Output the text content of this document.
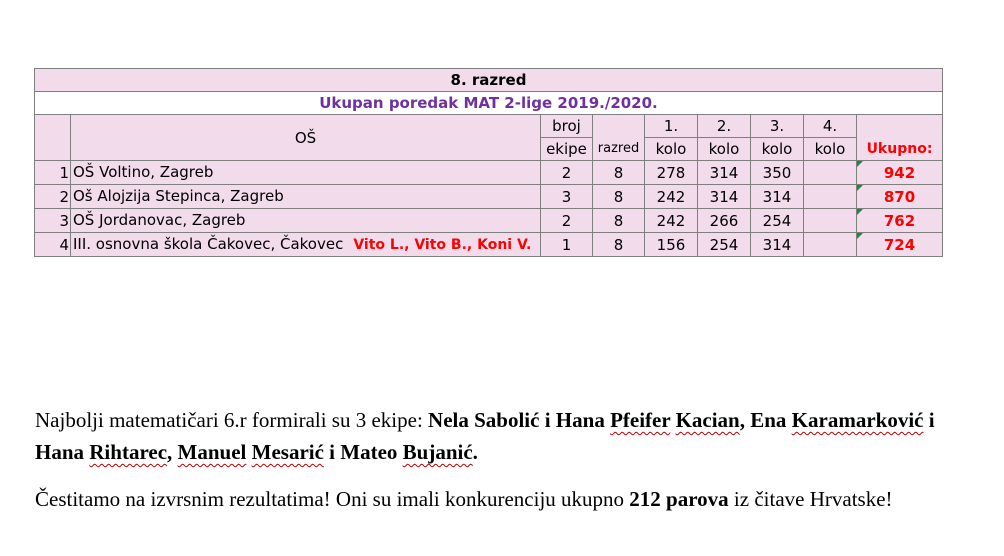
8. razred								
Ukupan poredak MAT 2-lige 2019./2020.								
	OŠ	broj	razred	1.	2.	3.	4.	Ukupno:
		ekipe		kolo	kolo	kolo	kolo	
1	OŠ Voltino, Zagreb	2	8	278	314	350		942
2	Oš Alojzija Stepinca, Zagreb	3	8	242	314	314		870
3	OŠ Jordanovac, Zagreb	2	8	242	266	254		762
4	III. osnovna škola Čakovec, Čakovec Vito L., Vito B., Koni V.	1	8	156	254	314		724
Najbolji matematičari 6.r formirali su 3 ekipe: Nela Sabolić i Hana Pfeifer Kacian, Ena Karamarković i Hana Rihtarec, Manuel Mesarić i Mateo Bujanić.
Čestitamo na izvrsnim rezultatima! Oni su imali konkurenciju ukupno 212 parova iz čitave Hrvatske!
